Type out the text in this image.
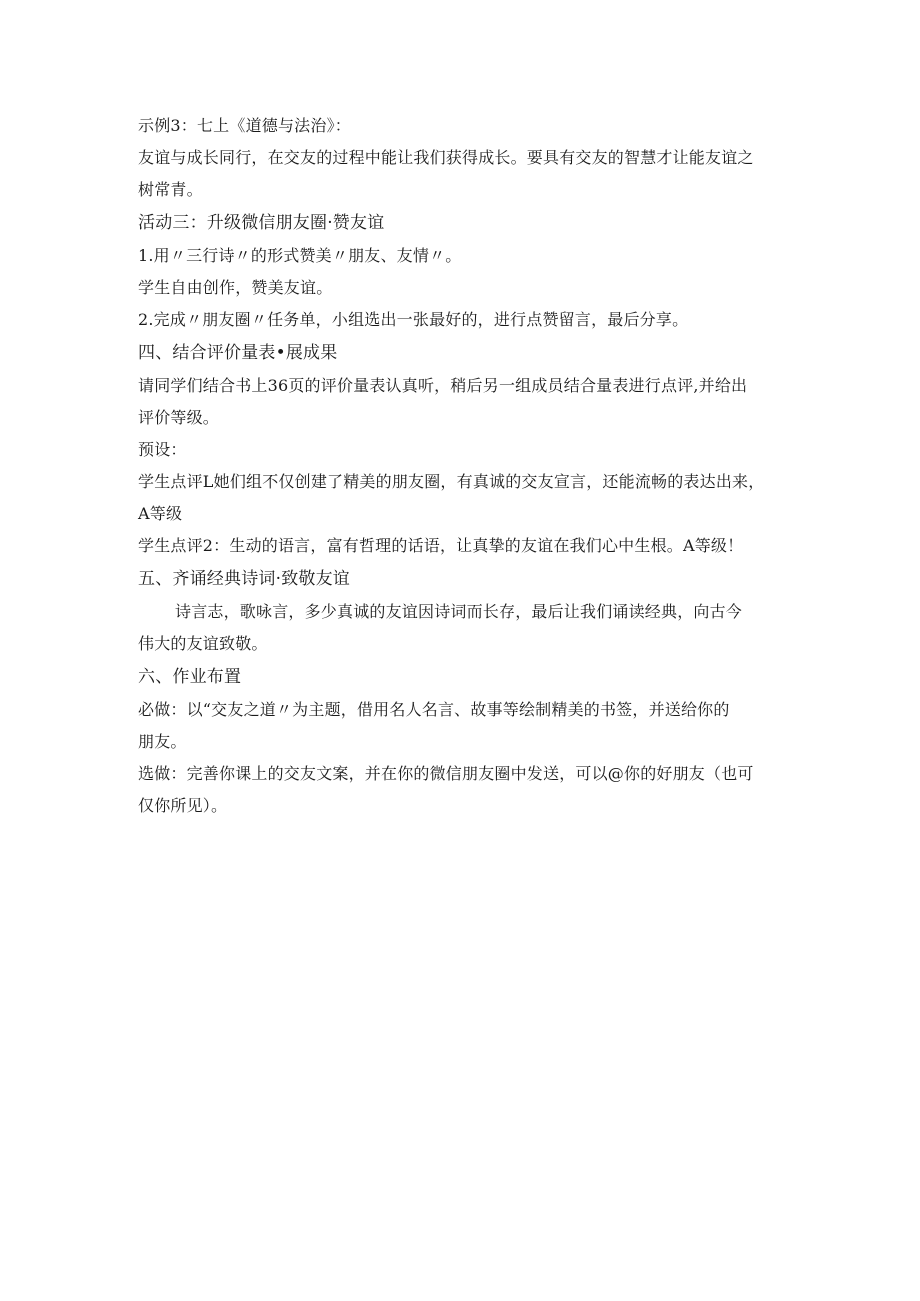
示例3：七上《道德与法治》：
友谊与成长同行，在交友的过程中能让我们获得成长。要具有交友的智慧才让能友谊之
树常青。
活动三：升级微信朋友圈·赞友谊
1.用〃三行诗〃的形式赞美〃朋友、友情〃。
学生自由创作，赞美友谊。
2.完成〃朋友圈〃任务单，小组选出一张最好的，进行点赞留言，最后分享。
四、结合评价量表•展成果
请同学们结合书上36页的评价量表认真听，稍后另一组成员结合量表进行点评,并给出
评价等级。
预设：
学生点评L她们组不仅创建了精美的朋友圈，有真诚的交友宣言，还能流畅的表达出来，
A等级
学生点评2：生动的语言，富有哲理的话语，让真挚的友谊在我们心中生根。A等级！
五、齐诵经典诗词·致敬友谊
诗言志，歌咏言，多少真诚的友谊因诗词而长存，最后让我们诵读经典，向古今
伟大的友谊致敬。
六、作业布置
必做：以“交友之道〃为主题，借用名人名言、故事等绘制精美的书签，并送给你的
朋友。
选做：完善你课上的交友文案，并在你的微信朋友圈中发送，可以@你的好朋友（也可
仅你所见）。
